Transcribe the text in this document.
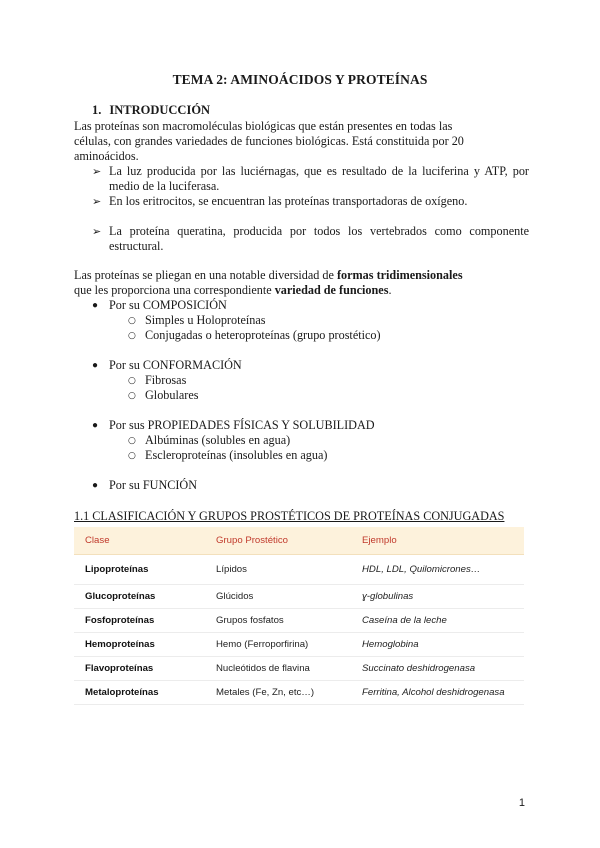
TEMA 2: AMINOÁCIDOS Y PROTEÍNAS
1. INTRODUCCIÓN
Las proteínas son macromoléculas biológicas que están presentes en todas las
células, con grandes variedades de funciones biológicas. Está constituida por 20
aminoácidos.
➢ La luz producida por las luciérnagas, que es resultado de la luciferina y ATP, por medio de la luciferasa.
➢ En los eritrocitos, se encuentran las proteínas transportadoras de oxígeno.
➢ La proteína queratina, producida por todos los vertebrados como componente estructural.
Las proteínas se pliegan en una notable diversidad de formas tridimensionales
que les proporciona una correspondiente variedad de funciones.
● Por su COMPOSICIÓN
○ Simples u Holoproteínas
○ Conjugadas o heteroproteínas (grupo prostético)
● Por su CONFORMACIÓN
○ Fibrosas
○ Globulares
● Por sus PROPIEDADES FÍSICAS Y SOLUBILIDAD
○ Albúminas (solubles en agua)
○ Escleroproteínas (insolubles en agua)
● Por su FUNCIÓN
1.1 CLASIFICACIÓN Y GRUPOS PROSTÉTICOS DE PROTEÍNAS CONJUGADAS
Clase	Grupo Prostético	Ejemplo
Lipoproteínas	Lípidos	HDL, LDL, Quilomicrones…
Glucoproteínas	Glúcidos	ɣ-globulinas
Fosfoproteínas	Grupos fosfatos	Caseína de la leche
Hemoproteínas	Hemo (Ferroporfirina)	Hemoglobina
Flavoproteínas	Nucleótidos de flavina	Succinato deshidrogenasa
Metaloproteínas	Metales (Fe, Zn, etc…)	Ferritina, Alcohol deshidrogenasa
1
